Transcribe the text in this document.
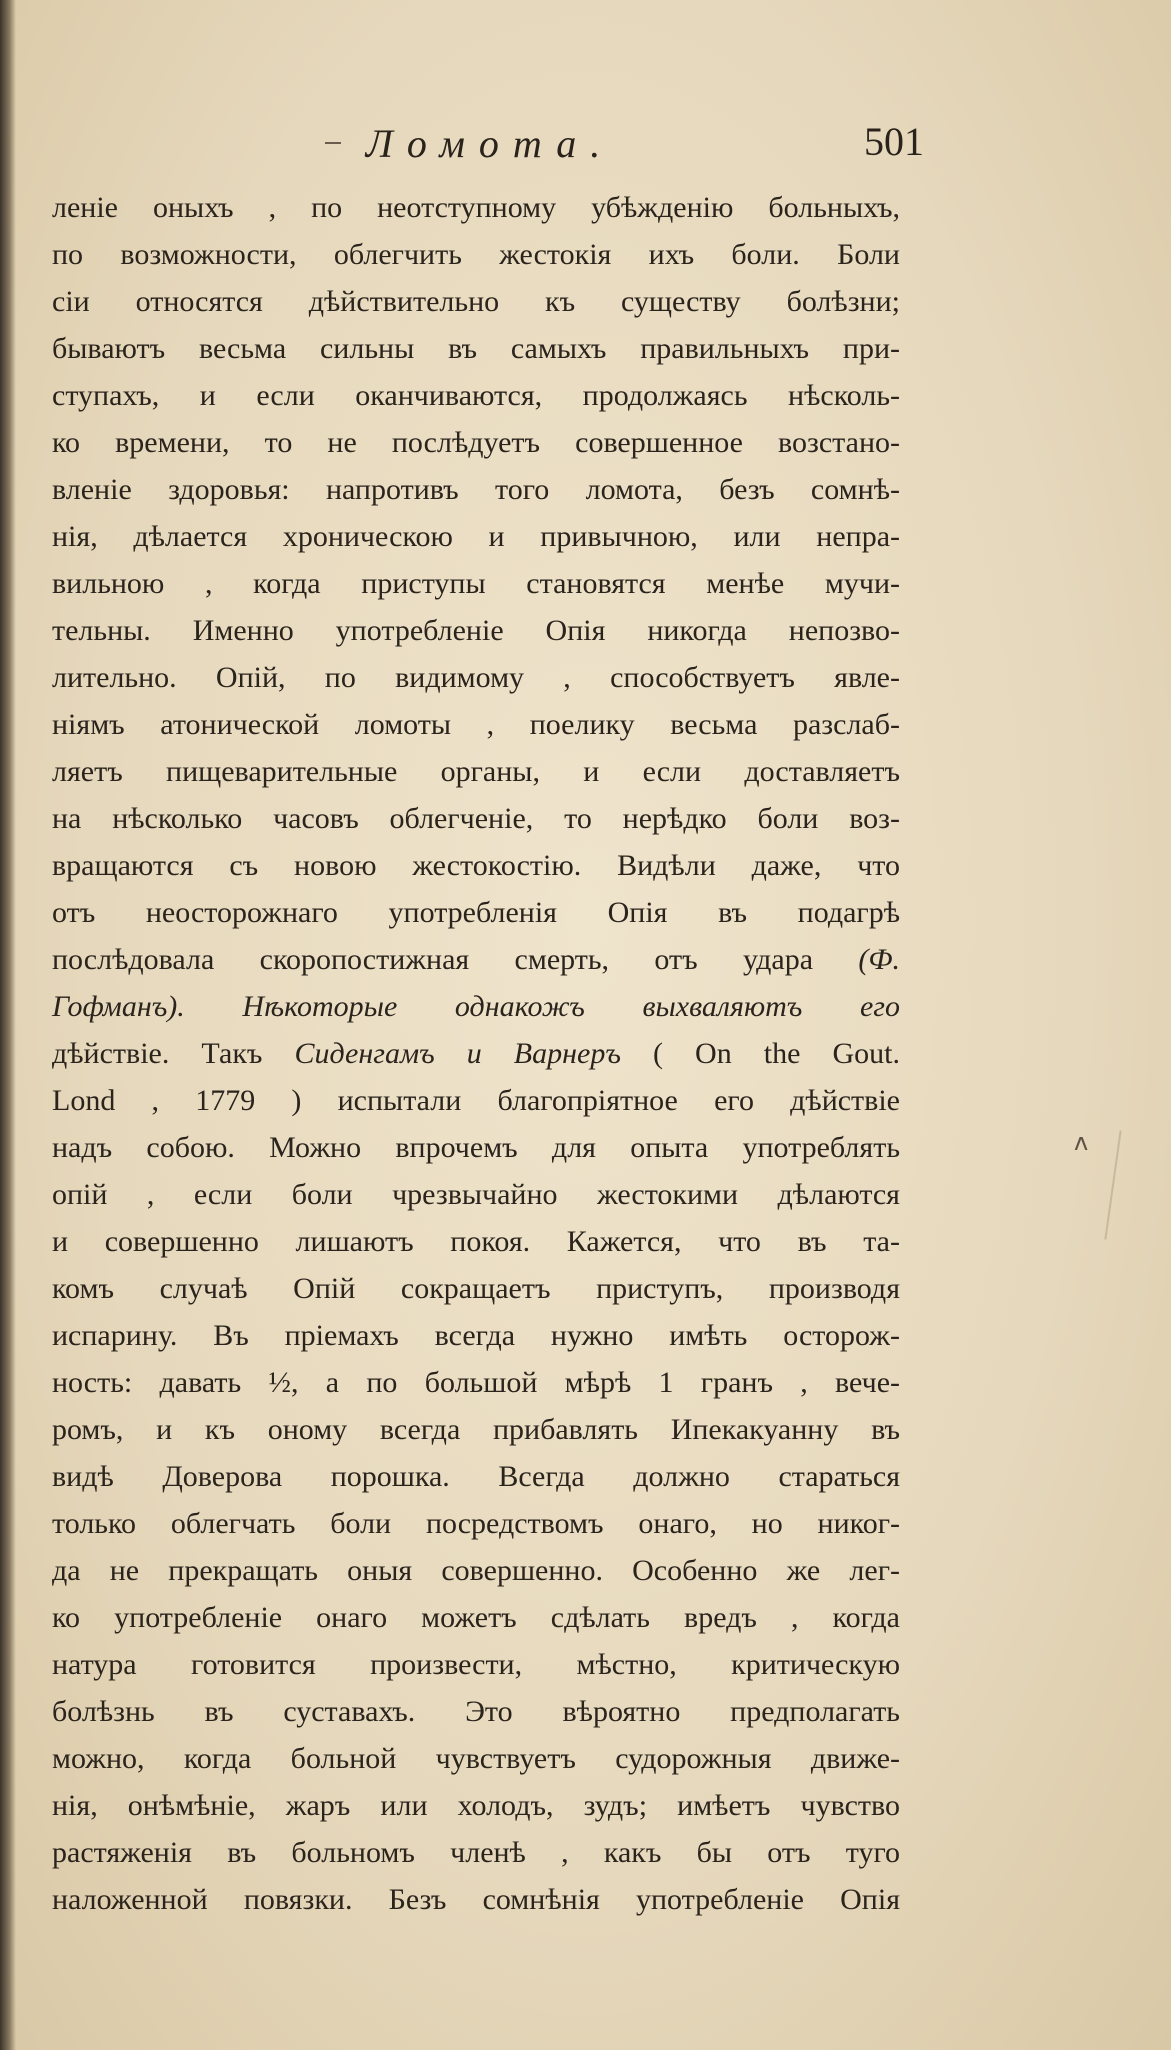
Ломота.	501
леніе оныхъ , по неотступному убѣжденію больныхъ,
по возможности, облегчить жестокія ихъ боли. Боли
сіи относятся дѣйствительно къ существу болѣзни;
бываютъ весьма сильны въ самыхъ правильныхъ при-
ступахъ, и если оканчиваются, продолжаясь нѣсколь-
ко времени, то не послѣдуетъ совершенное возстано-
вленіе здоровья: напротивъ того ломота, безъ сомнѣ-
нія, дѣлается хроническою и привычною, или непра-
вильною , когда приступы становятся менѣе мучи-
тельны. Именно употребленіе Опія никогда непозво-
лительно. Опій, по видимому , способствуетъ явле-
ніямъ атонической ломоты , поелику весьма разслаб-
ляетъ пищеварительные органы, и если доставляетъ
на нѣсколько часовъ облегченіе, то нерѣдко боли воз-
вращаются съ новою жестокостію. Видѣли даже, что
отъ неосторожнаго употребленія Опія въ подагрѣ
послѣдовала скоропостижная смерть, отъ удара (Ф.
Гофманъ). Нѣкоторые однакожъ выхваляютъ его
дѣйствіе. Такъ Сиденгамъ и Варнеръ ( On the Gout.
Lond , 1779 ) испытали благопріятное его дѣйствіе
надъ собою. Можно впрочемъ для опыта употреблять
опій , если боли чрезвычайно жестокими дѣлаются
и совершенно лишаютъ покоя. Кажется, что въ та-
комъ случаѣ Опій сокращаетъ приступъ, производя
испарину. Въ пріемахъ всегда нужно имѣть осторож-
ность: давать ½, а по большой мѣрѣ 1 гранъ , вече-
ромъ, и къ оному всегда прибавлять Ипекакуанну въ
видѣ Доверова порошка. Всегда должно стараться
только облегчать боли посредствомъ онаго, но никог-
да не прекращать оныя совершенно. Особенно же лег-
ко употребленіе онаго можетъ сдѣлать вредъ , когда
натура готовится произвести, мѣстно, критическую
болѣзнь въ суставахъ. Это вѣроятно предполагать
можно, когда больной чувствуетъ судорожныя движе-
нія, онѣмѣніе, жаръ или холодъ, зудъ; имѣетъ чувство
растяженія въ больномъ членѣ , какъ бы отъ туго
наложенной повязки. Безъ сомнѣнія употребленіе Опія
ʌ
